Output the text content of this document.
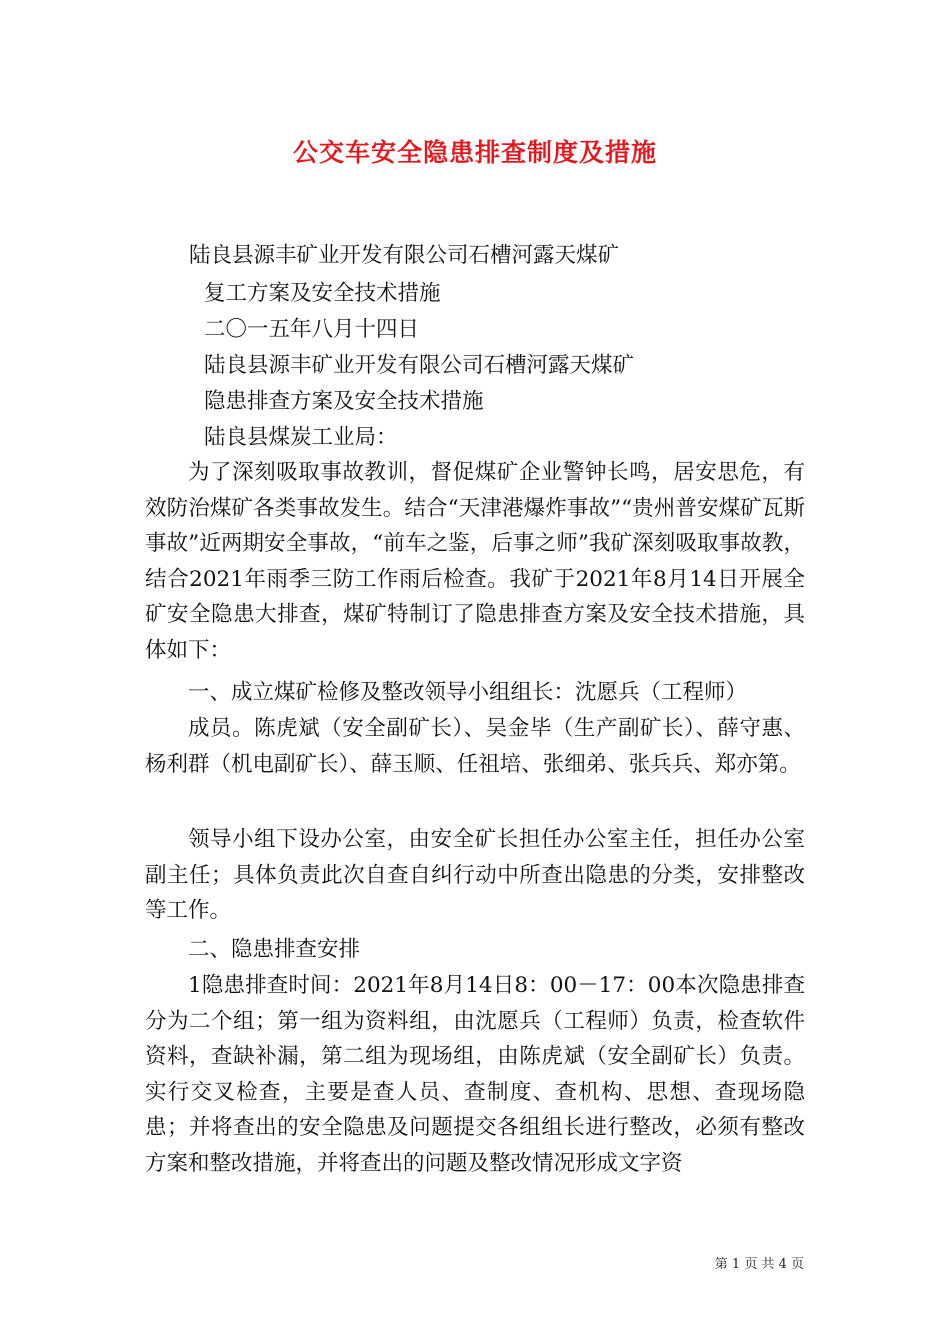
公交车安全隐患排查制度及措施
陆良县源丰矿业开发有限公司石槽河露天煤矿
复工方案及安全技术措施
二〇一五年八月十四日
陆良县源丰矿业开发有限公司石槽河露天煤矿
隐患排查方案及安全技术措施
陆良县煤炭工业局：
为了深刻吸取事故教训，督促煤矿企业警钟长鸣，居安思危，有效防治煤矿各类事故发生。结合“天津港爆炸事故”“贵州普安煤矿瓦斯事故”近两期安全事故，“前车之鉴，后事之师”我矿深刻吸取事故教，结合2021年雨季三防工作雨后检查。我矿于2021年8月14日开展全矿安全隐患大排查，煤矿特制订了隐患排查方案及安全技术措施，具体如下：
一、成立煤矿检修及整改领导小组组长：沈愿兵（工程师）
成员。陈虎斌（安全副矿长）、吴金毕（生产副矿长）、薛守惠、杨利群（机电副矿长）、薛玉顺、任祖培、张细弟、张兵兵、郑亦第。
领导小组下设办公室，由安全矿长担任办公室主任，担任办公室副主任；具体负责此次自查自纠行动中所查出隐患的分类，安排整改等工作。
二、隐患排查安排
1隐患排查时间：2021年8月14日8：00－17：00本次隐患排查分为二个组；第一组为资料组，由沈愿兵（工程师）负责，检查软件资料，查缺补漏，第二组为现场组，由陈虎斌（安全副矿长）负责。实行交叉检查，主要是查人员、查制度、查机构、思想、查现场隐患；并将查出的安全隐患及问题提交各组组长进行整改，必须有整改方案和整改措施，并将查出的问题及整改情况形成文字资
第 1 页 共 4 页
